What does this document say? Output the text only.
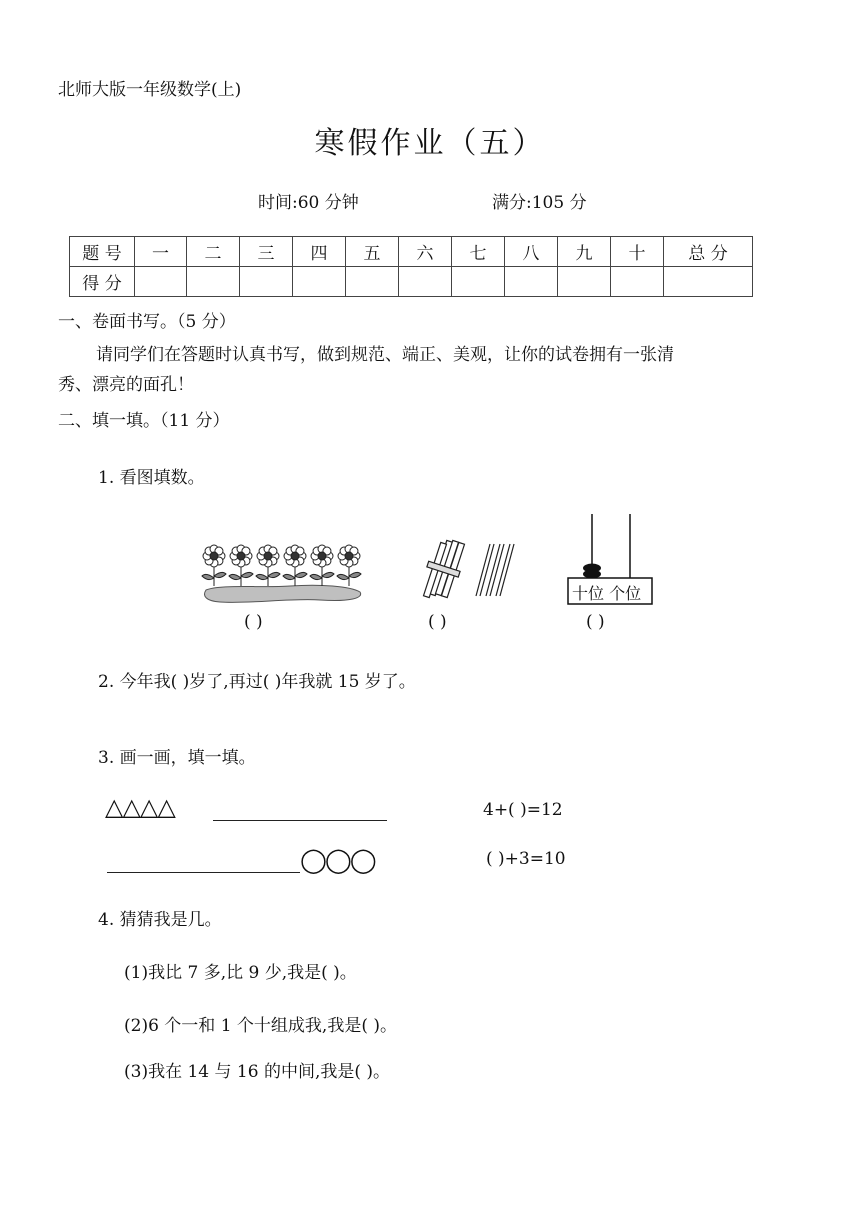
北师大版一年级数学(上)
寒假作业（五）
时间:60 分钟	满分:105 分
题 号	一	二	三	四	五	六	七	八	九	十	总 分
得 分											
一、卷面书写。（5 分）
请同学们在答题时认真书写，做到规范、端正、美观，让你的试卷拥有一张清
秀、漂亮的面孔！
二、填一填。（11 分）
1. 看图填数。
十位 个位
( )	( )	( )
2. 今年我( )岁了,再过( )年我就 15 岁了。
3. 画一画，填一填。
△△△△	4+( )=12
◯◯◯	( )+3=10
4. 猜猜我是几。
(1)我比 7 多,比 9 少,我是( )。
(2)6 个一和 1 个十组成我,我是( )。
(3)我在 14 与 16 的中间,我是( )。
